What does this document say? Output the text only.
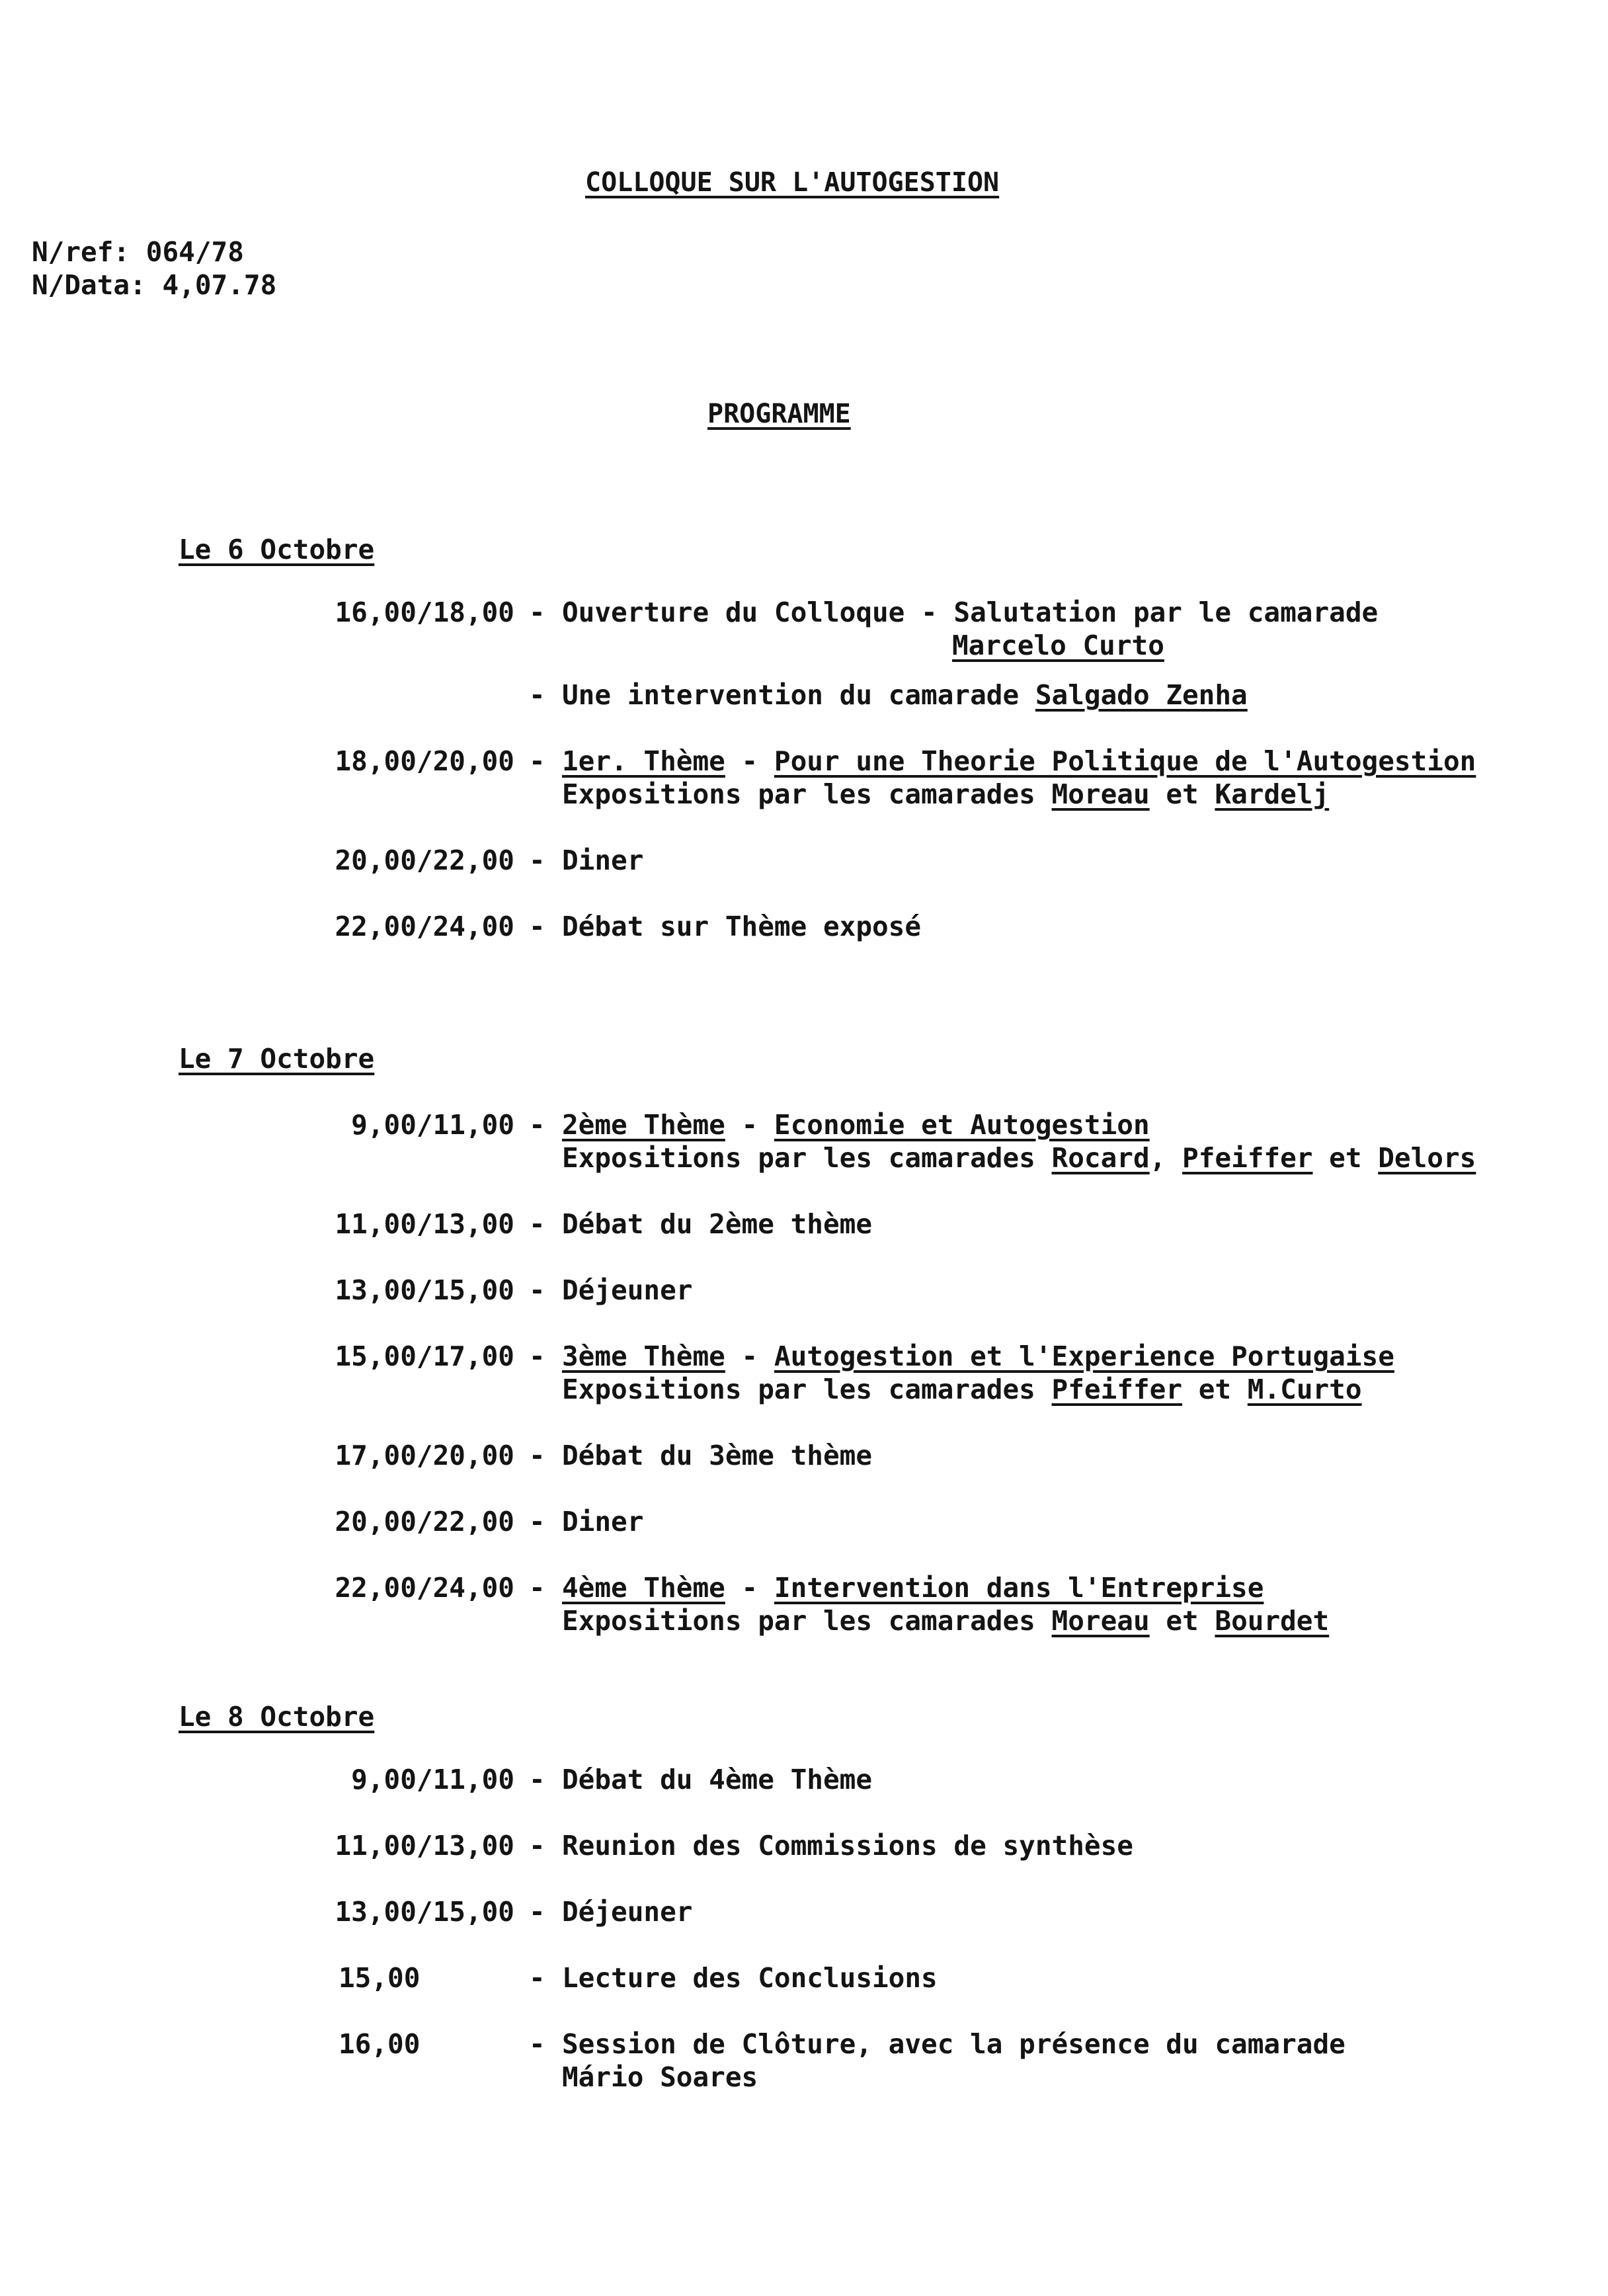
COLLOQUE SUR L'AUTOGESTION
N/ref: 064/78
N/Data: 4,07.78
PROGRAMME
Le 6 Octobre
16,00/18,00 - Ouverture du Colloque - Salutation par le camarade
Marcelo Curto
- Une intervention du camarade Salgado Zenha
18,00/20,00 - 1er. Thème - Pour une Theorie Politique de l'Autogestion
Expositions par les camarades Moreau et Kardelj
20,00/22,00 - Diner
22,00/24,00 - Débat sur Thème exposé
Le 7 Octobre
9,00/11,00 - 2ème Thème - Economie et Autogestion
Expositions par les camarades Rocard, Pfeiffer et Delors
11,00/13,00 - Débat du 2ème thème
13,00/15,00 - Déjeuner
15,00/17,00 - 3ème Thème - Autogestion et l'Experience Portugaise
Expositions par les camarades Pfeiffer et M.Curto
17,00/20,00 - Débat du 3ème thème
20,00/22,00 - Diner
22,00/24,00 - 4ème Thème - Intervention dans l'Entreprise
Expositions par les camarades Moreau et Bourdet
Le 8 Octobre
9,00/11,00 - Débat du 4ème Thème
11,00/13,00 - Reunion des Commissions de synthèse
13,00/15,00 - Déjeuner
15,00	- Lecture des Conclusions
16,00	- Session de Clôture, avec la présence du camarade
Mário Soares
